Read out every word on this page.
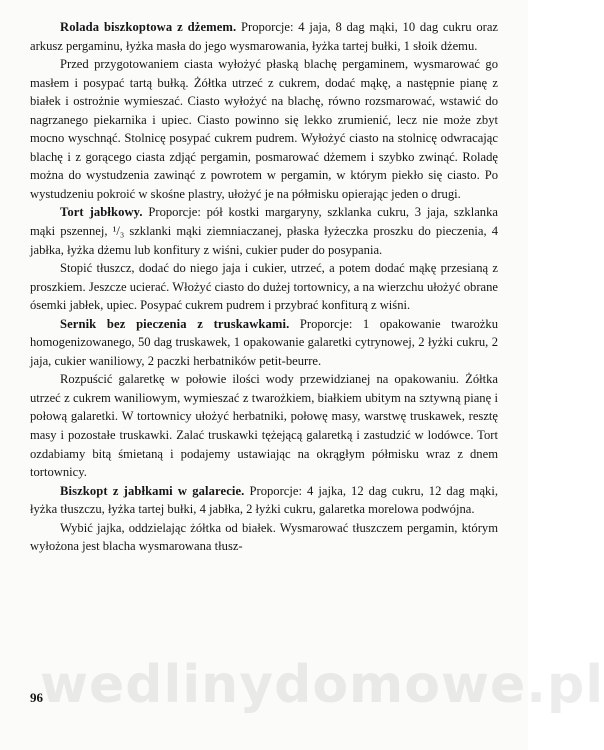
Rolada biszkoptowa z dżemem. Proporcje: 4 jaja, 8 dag mąki, 10 dag cukru oraz arkusz pergaminu, łyżka masła do jego wysmarowania, łyżka tartej bułki, 1 słoik dżemu.

Przed przygotowaniem ciasta wyłożyć płaską blachę pergaminem, wysmarować go masłem i posypać tartą bułką. Żółtka utrzeć z cukrem, dodać mąkę, a następnie pianę z białek i ostrożnie wymieszać. Ciasto wyłożyć na blachę, równo rozsmarować, wstawić do nagrzanego piekarnika i upiec. Ciasto powinno się lekko zrumienić, lecz nie może zbyt mocno wyschnąć. Stolnicę posypać cukrem pudrem. Wyłożyć ciasto na stolnicę odwracając blachę i z gorącego ciasta zdjąć pergamin, posmarować dżemem i szybko zwinąć. Roladę można do wystudzenia zawinąć z powrotem w pergamin, w którym piekło się ciasto. Po wystudzeniu pokroić w skośne plastry, ułożyć je na półmisku opierając jeden o drugi.

Tort jabłkowy. Proporcje: pół kostki margaryny, szklanka cukru, 3 jaja, szklanka mąki pszennej, ¹/₃ szklanki mąki ziemniaczanej, płaska łyżeczka proszku do pieczenia, 4 jabłka, łyżka dżemu lub konfitury z wiśni, cukier puder do posypania.

Stopić tłuszcz, dodać do niego jaja i cukier, utrzeć, a potem dodać mąkę przesianą z proszkiem. Jeszcze ucierać. Włożyć ciasto do dużej tortownicy, a na wierzchu ułożyć obrane ósemki jabłek, upiec. Posypać cukrem pudrem i przybrać konfiturą z wiśni.

Sernik bez pieczenia z truskawkami. Proporcje: 1 opakowanie twarożku homogenizowanego, 50 dag truskawek, 1 opakowanie galaretki cytrynowej, 2 łyżki cukru, 2 jaja, cukier waniliowy, 2 paczki herbatników petit-beurre.

Rozpuścić galaretkę w połowie ilości wody przewidzianej na opakowaniu. Żółtka utrzeć z cukrem waniliowym, wymieszać z twarożkiem, białkiem ubitym na sztywną pianę i połową galaretki. W tortownicy ułożyć herbatniki, połowę masy, warstwę truskawek, resztę masy i pozostałe truskawki. Zalać truskawki tężejącą galaretką i zastudzić w lodówce. Tort ozdabiamy bitą śmietaną i podajemy ustawiając na okrągłym półmisku wraz z dnem tortownicy.

Biszkopt z jabłkami w galarecie. Proporcje: 4 jajka, 12 dag cukru, 12 dag mąki, łyżka tłuszczu, łyżka tartej bułki, 4 jabłka, 2 łyżki cukru, galaretka morelowa podwójna.

Wybić jajka, oddzielając żółtka od białek. Wysmarować tłuszczem pergamin, którym wyłożona jest blacha wysmarowana tłusz-

wedlinydomowe.pl
96
